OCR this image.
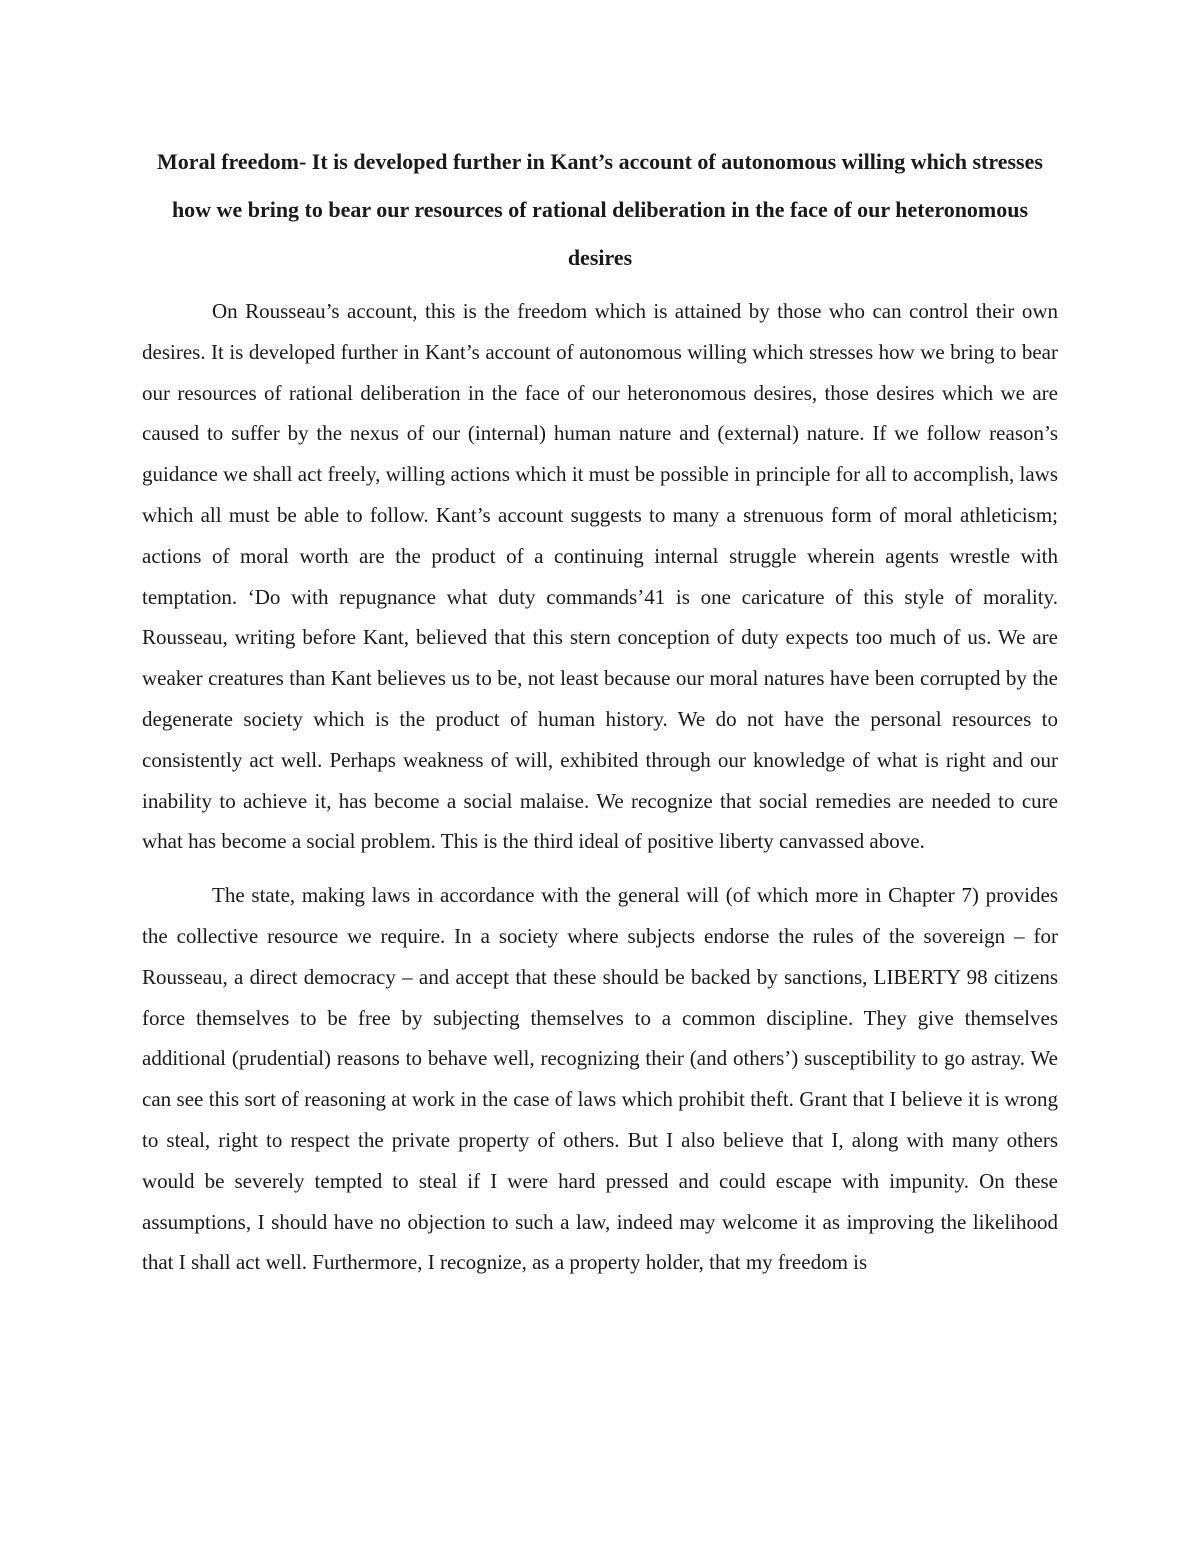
Moral freedom- It is developed further in Kant’s account of autonomous willing which stresses how we bring to bear our resources of rational deliberation in the face of our heteronomous desires

On Rousseau’s account, this is the freedom which is attained by those who can control their own desires. It is developed further in Kant’s account of autonomous willing which stresses how we bring to bear our resources of rational deliberation in the face of our heteronomous desires, those desires which we are caused to suffer by the nexus of our (internal) human nature and (external) nature. If we follow reason’s guidance we shall act freely, willing actions which it must be possible in principle for all to accomplish, laws which all must be able to follow. Kant’s account suggests to many a strenuous form of moral athleticism; actions of moral worth are the product of a continuing internal struggle wherein agents wrestle with temptation. ‘Do with repugnance what duty commands’41 is one caricature of this style of morality. Rousseau, writing before Kant, believed that this stern conception of duty expects too much of us. We are weaker creatures than Kant believes us to be, not least because our moral natures have been corrupted by the degenerate society which is the product of human history. We do not have the personal resources to consistently act well. Perhaps weakness of will, exhibited through our knowledge of what is right and our inability to achieve it, has become a social malaise. We recognize that social remedies are needed to cure what has become a social problem. This is the third ideal of positive liberty canvassed above.

The state, making laws in accordance with the general will (of which more in Chapter 7) provides the collective resource we require. In a society where subjects endorse the rules of the sovereign – for Rousseau, a direct democracy – and accept that these should be backed by sanctions, LIBERTY 98 citizens force themselves to be free by subjecting themselves to a common discipline. They give themselves additional (prudential) reasons to behave well, recognizing their (and others’) susceptibility to go astray. We can see this sort of reasoning at work in the case of laws which prohibit theft. Grant that I believe it is wrong to steal, right to respect the private property of others. But I also believe that I, along with many others would be severely tempted to steal if I were hard pressed and could escape with impunity. On these assumptions, I should have no objection to such a law, indeed may welcome it as improving the likelihood that I shall act well. Furthermore, I recognize, as a property holder, that my freedom is
